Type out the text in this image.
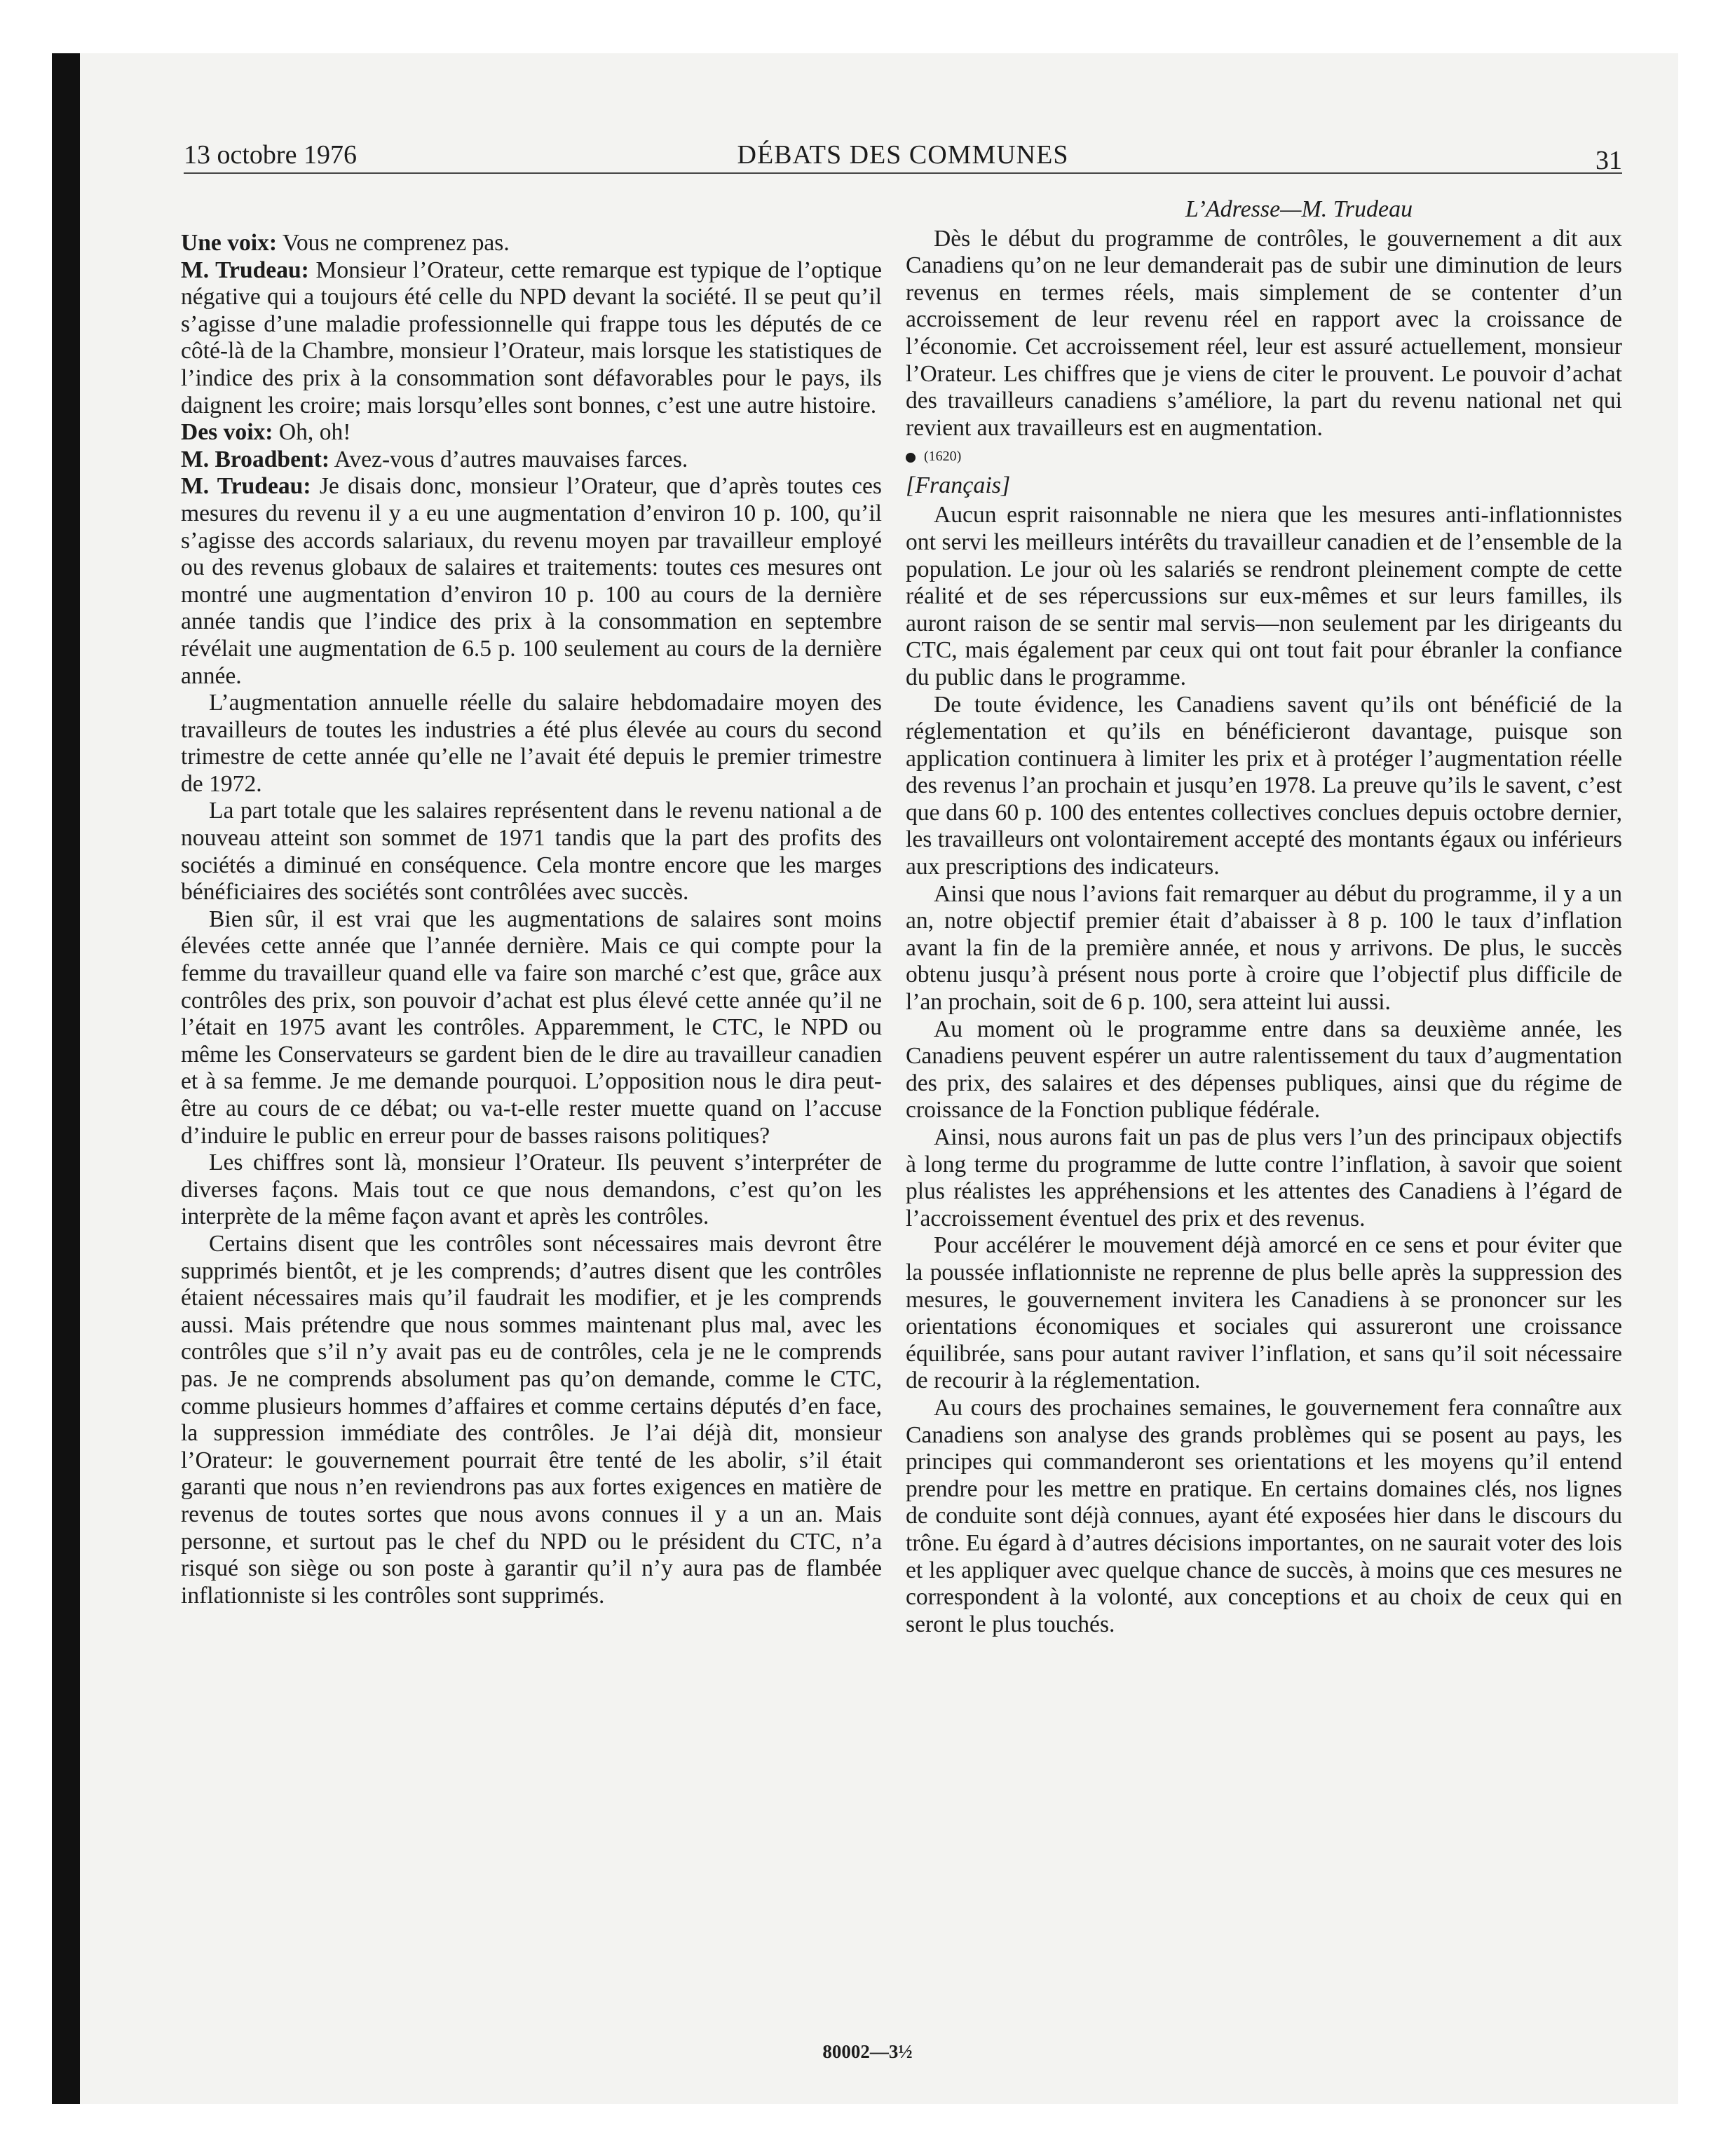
13 octobre 1976	DÉBATS DES COMMUNES	31

Une voix: Vous ne comprenez pas.

M. Trudeau: Monsieur l’Orateur, cette remarque est typique de l’optique négative qui a toujours été celle du NPD devant la société. Il se peut qu’il s’agisse d’une maladie professionnelle qui frappe tous les députés de ce côté-là de la Chambre, monsieur l’Orateur, mais lorsque les statistiques de l’indice des prix à la consommation sont défavorables pour le pays, ils daignent les croire; mais lorsqu’elles sont bonnes, c’est une autre histoire.

Des voix: Oh, oh!

M. Broadbent: Avez-vous d’autres mauvaises farces.

M. Trudeau: Je disais donc, monsieur l’Orateur, que d’après toutes ces mesures du revenu il y a eu une augmentation d’environ 10 p. 100, qu’il s’agisse des accords salariaux, du revenu moyen par travailleur employé ou des revenus globaux de salaires et traitements: toutes ces mesures ont montré une augmentation d’environ 10 p. 100 au cours de la dernière année tandis que l’indice des prix à la consommation en septembre révélait une augmentation de 6.5 p. 100 seulement au cours de la dernière année.

L’augmentation annuelle réelle du salaire hebdomadaire moyen des travailleurs de toutes les industries a été plus élevée au cours du second trimestre de cette année qu’elle ne l’avait été depuis le premier trimestre de 1972.

La part totale que les salaires représentent dans le revenu national a de nouveau atteint son sommet de 1971 tandis que la part des profits des sociétés a diminué en conséquence. Cela montre encore que les marges bénéficiaires des sociétés sont contrôlées avec succès.

Bien sûr, il est vrai que les augmentations de salaires sont moins élevées cette année que l’année dernière. Mais ce qui compte pour la femme du travailleur quand elle va faire son marché c’est que, grâce aux contrôles des prix, son pouvoir d’achat est plus élevé cette année qu’il ne l’était en 1975 avant les contrôles. Apparemment, le CTC, le NPD ou même les Conservateurs se gardent bien de le dire au travailleur canadien et à sa femme. Je me demande pourquoi. L’opposition nous le dira peut-être au cours de ce débat; ou va-t-elle rester muette quand on l’accuse d’induire le public en erreur pour de basses raisons politiques?

Les chiffres sont là, monsieur l’Orateur. Ils peuvent s’interpréter de diverses façons. Mais tout ce que nous demandons, c’est qu’on les interprète de la même façon avant et après les contrôles.

Certains disent que les contrôles sont nécessaires mais devront être supprimés bientôt, et je les comprends; d’autres disent que les contrôles étaient nécessaires mais qu’il faudrait les modifier, et je les comprends aussi. Mais prétendre que nous sommes maintenant plus mal, avec les contrôles que s’il n’y avait pas eu de contrôles, cela je ne le comprends pas. Je ne comprends absolument pas qu’on demande, comme le CTC, comme plusieurs hommes d’affaires et comme certains députés d’en face, la suppression immédiate des contrôles. Je l’ai déjà dit, monsieur l’Orateur: le gouvernement pourrait être tenté de les abolir, s’il était garanti que nous n’en reviendrons pas aux fortes exigences en matière de revenus de toutes sortes que nous avons connues il y a un an. Mais personne, et surtout pas le chef du NPD ou le président du CTC, n’a risqué son siège ou son poste à garantir qu’il n’y aura pas de flambée inflationniste si les contrôles sont supprimés.

L’Adresse—M. Trudeau

Dès le début du programme de contrôles, le gouvernement a dit aux Canadiens qu’on ne leur demanderait pas de subir une diminution de leurs revenus en termes réels, mais simplement de se contenter d’un accroissement de leur revenu réel en rapport avec la croissance de l’économie. Cet accroissement réel, leur est assuré actuellement, monsieur l’Orateur. Les chiffres que je viens de citer le prouvent. Le pouvoir d’achat des travailleurs canadiens s’améliore, la part du revenu national net qui revient aux travailleurs est en augmentation.

(1620)
[Français]

Aucun esprit raisonnable ne niera que les mesures anti-inflationnistes ont servi les meilleurs intérêts du travailleur canadien et de l’ensemble de la population. Le jour où les salariés se rendront pleinement compte de cette réalité et de ses répercussions sur eux-mêmes et sur leurs familles, ils auront raison de se sentir mal servis—non seulement par les dirigeants du CTC, mais également par ceux qui ont tout fait pour ébranler la confiance du public dans le programme.

De toute évidence, les Canadiens savent qu’ils ont bénéficié de la réglementation et qu’ils en bénéficieront davantage, puisque son application continuera à limiter les prix et à protéger l’augmentation réelle des revenus l’an prochain et jusqu’en 1978. La preuve qu’ils le savent, c’est que dans 60 p. 100 des ententes collectives conclues depuis octobre dernier, les travailleurs ont volontairement accepté des montants égaux ou inférieurs aux prescriptions des indicateurs.

Ainsi que nous l’avions fait remarquer au début du programme, il y a un an, notre objectif premier était d’abaisser à 8 p. 100 le taux d’inflation avant la fin de la première année, et nous y arrivons. De plus, le succès obtenu jusqu’à présent nous porte à croire que l’objectif plus difficile de l’an prochain, soit de 6 p. 100, sera atteint lui aussi.

Au moment où le programme entre dans sa deuxième année, les Canadiens peuvent espérer un autre ralentissement du taux d’augmentation des prix, des salaires et des dépenses publiques, ainsi que du régime de croissance de la Fonction publique fédérale.

Ainsi, nous aurons fait un pas de plus vers l’un des principaux objectifs à long terme du programme de lutte contre l’inflation, à savoir que soient plus réalistes les appréhensions et les attentes des Canadiens à l’égard de l’accroissement éventuel des prix et des revenus.

Pour accélérer le mouvement déjà amorcé en ce sens et pour éviter que la poussée inflationniste ne reprenne de plus belle après la suppression des mesures, le gouvernement invitera les Canadiens à se prononcer sur les orientations économiques et sociales qui assureront une croissance équilibrée, sans pour autant raviver l’inflation, et sans qu’il soit nécessaire de recourir à la réglementation.

Au cours des prochaines semaines, le gouvernement fera connaître aux Canadiens son analyse des grands problèmes qui se posent au pays, les principes qui commanderont ses orientations et les moyens qu’il entend prendre pour les mettre en pratique. En certains domaines clés, nos lignes de conduite sont déjà connues, ayant été exposées hier dans le discours du trône. Eu égard à d’autres décisions importantes, on ne saurait voter des lois et les appliquer avec quelque chance de succès, à moins que ces mesures ne correspondent à la volonté, aux conceptions et au choix de ceux qui en seront le plus touchés.

80002—3½
